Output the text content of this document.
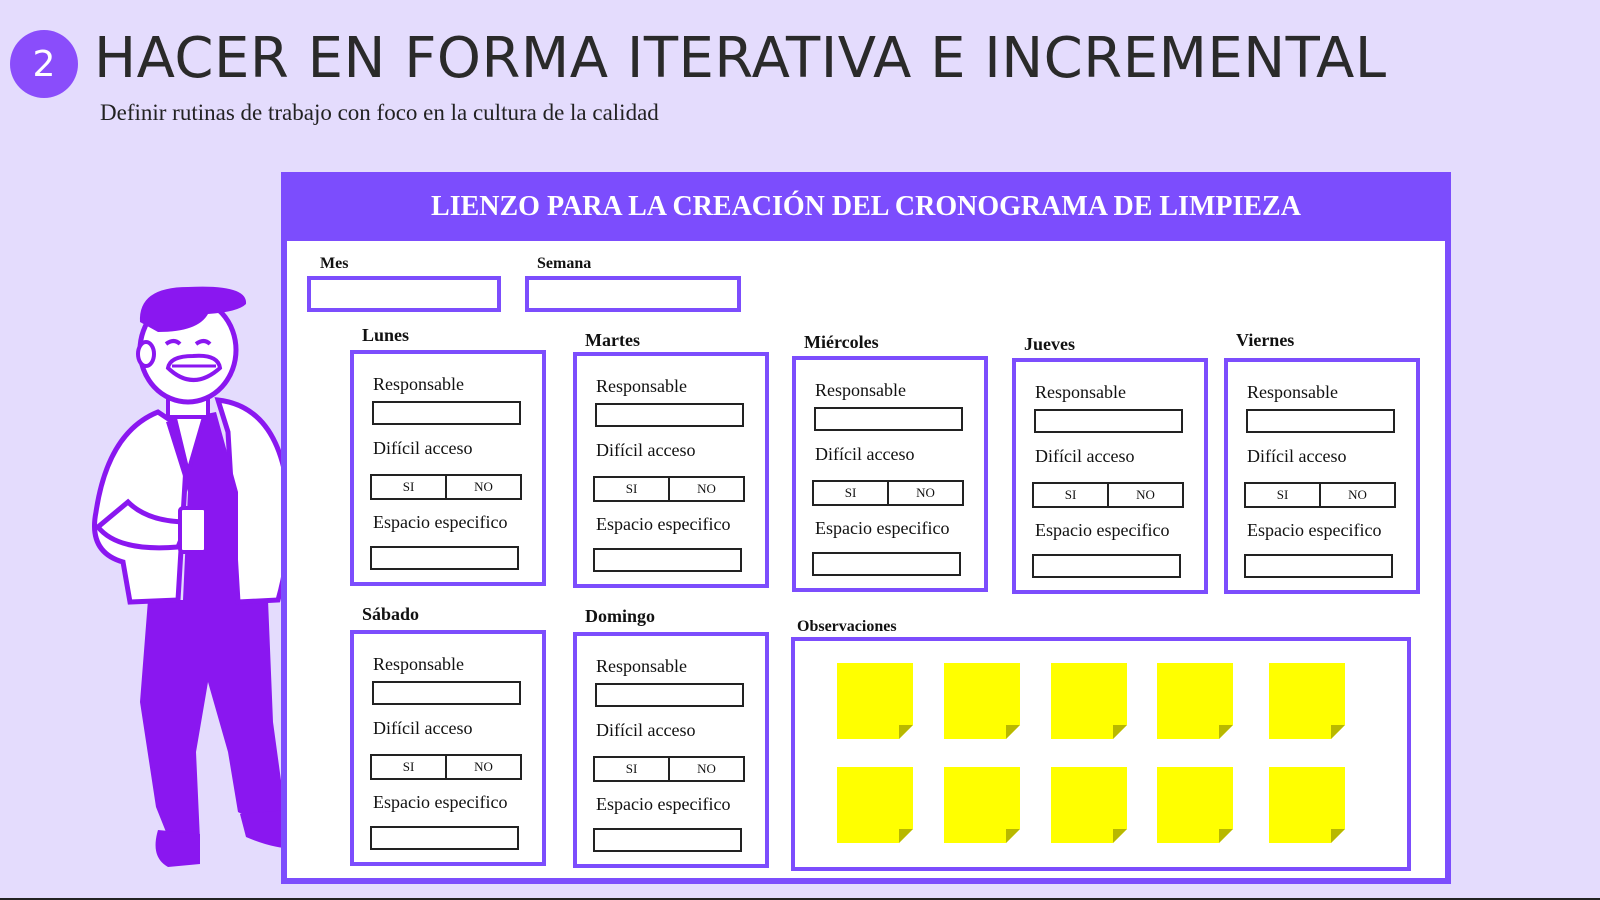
2 HACER EN FORMA ITERATIVA E INCREMENTAL
Definir rutinas de trabajo con foco en la cultura de la calidad
LIENZO PARA LA CREACIÓN DEL CRONOGRAMA DE LIMPIEZA
Mes	Semana
Lunes
Responsable
Difícil acceso
SI	NO
Espacio especifico
Martes
Responsable
Difícil acceso
SI	NO
Espacio especifico
Miércoles
Responsable
Difícil acceso
SI	NO
Espacio especifico
Jueves
Responsable
Difícil acceso
SI	NO
Espacio especifico
Viernes
Responsable
Difícil acceso
SI	NO
Espacio especifico
Sábado
Responsable
Difícil acceso
SI	NO
Espacio especifico
Domingo
Responsable
Difícil acceso
SI	NO
Espacio especifico
Observaciones
